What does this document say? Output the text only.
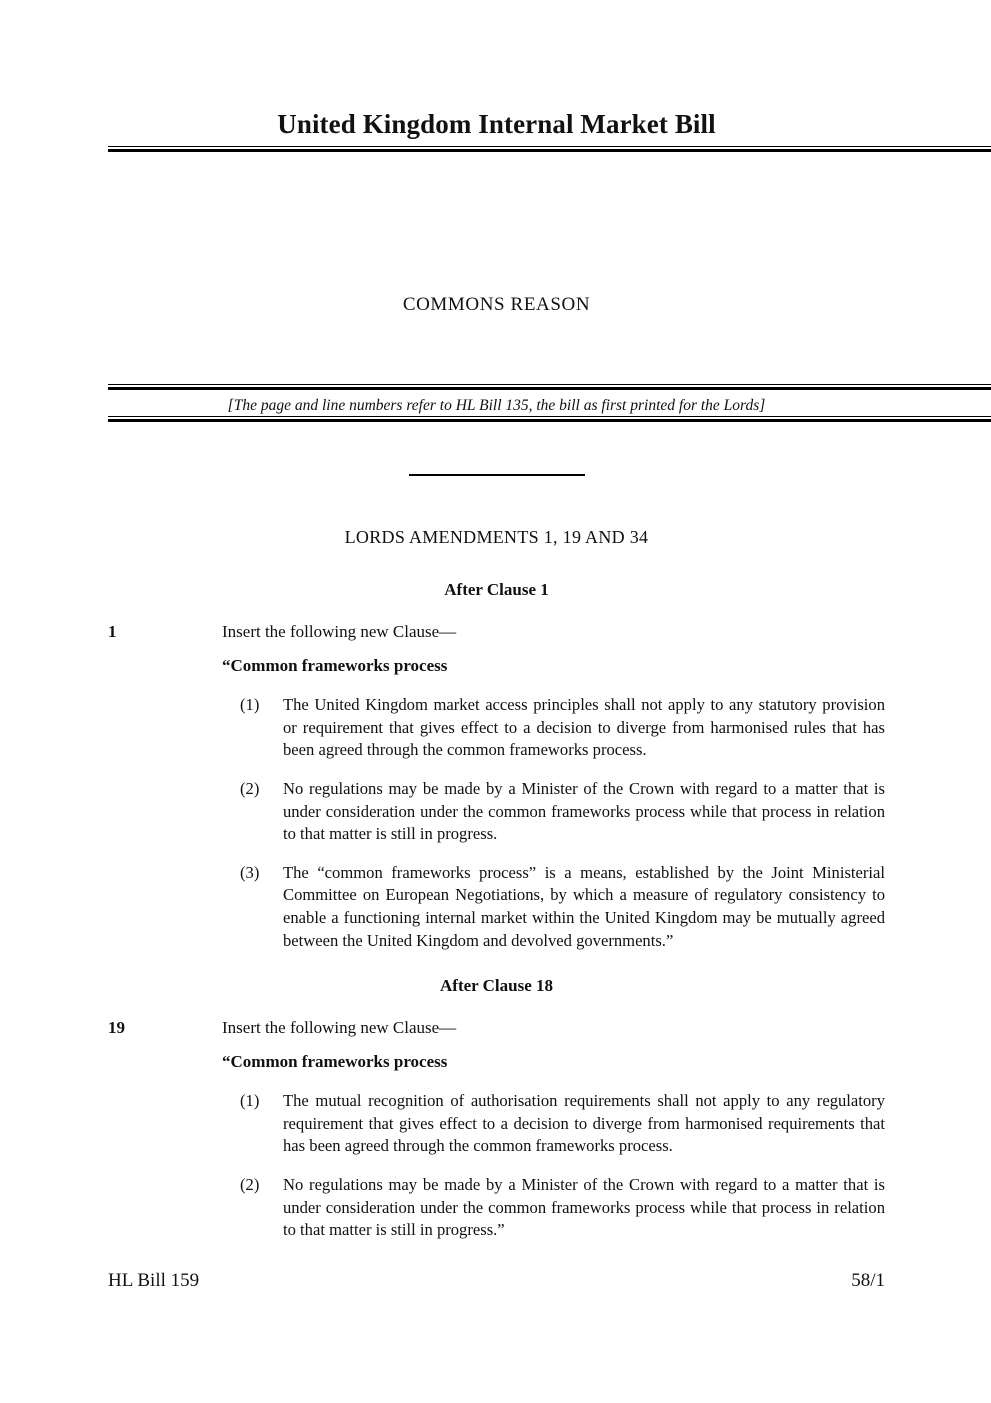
United Kingdom Internal Market Bill
COMMONS REASON
[The page and line numbers refer to HL Bill 135, the bill as first printed for the Lords]
LORDS AMENDMENTS 1, 19 AND 34
After Clause 1
1	Insert the following new Clause—
“Common frameworks process
(1)	The United Kingdom market access principles shall not apply to any statutory provision or requirement that gives effect to a decision to diverge from harmonised rules that has been agreed through the common frameworks process.
(2)	No regulations may be made by a Minister of the Crown with regard to a matter that is under consideration under the common frameworks process while that process in relation to that matter is still in progress.
(3)	The “common frameworks process” is a means, established by the Joint Ministerial Committee on European Negotiations, by which a measure of regulatory consistency to enable a functioning internal market within the United Kingdom may be mutually agreed between the United Kingdom and devolved governments.”
After Clause 18
19	Insert the following new Clause—
“Common frameworks process
(1)	The mutual recognition of authorisation requirements shall not apply to any regulatory requirement that gives effect to a decision to diverge from harmonised requirements that has been agreed through the common frameworks process.
(2)	No regulations may be made by a Minister of the Crown with regard to a matter that is under consideration under the common frameworks process while that process in relation to that matter is still in progress.”
HL Bill 159	58/1
